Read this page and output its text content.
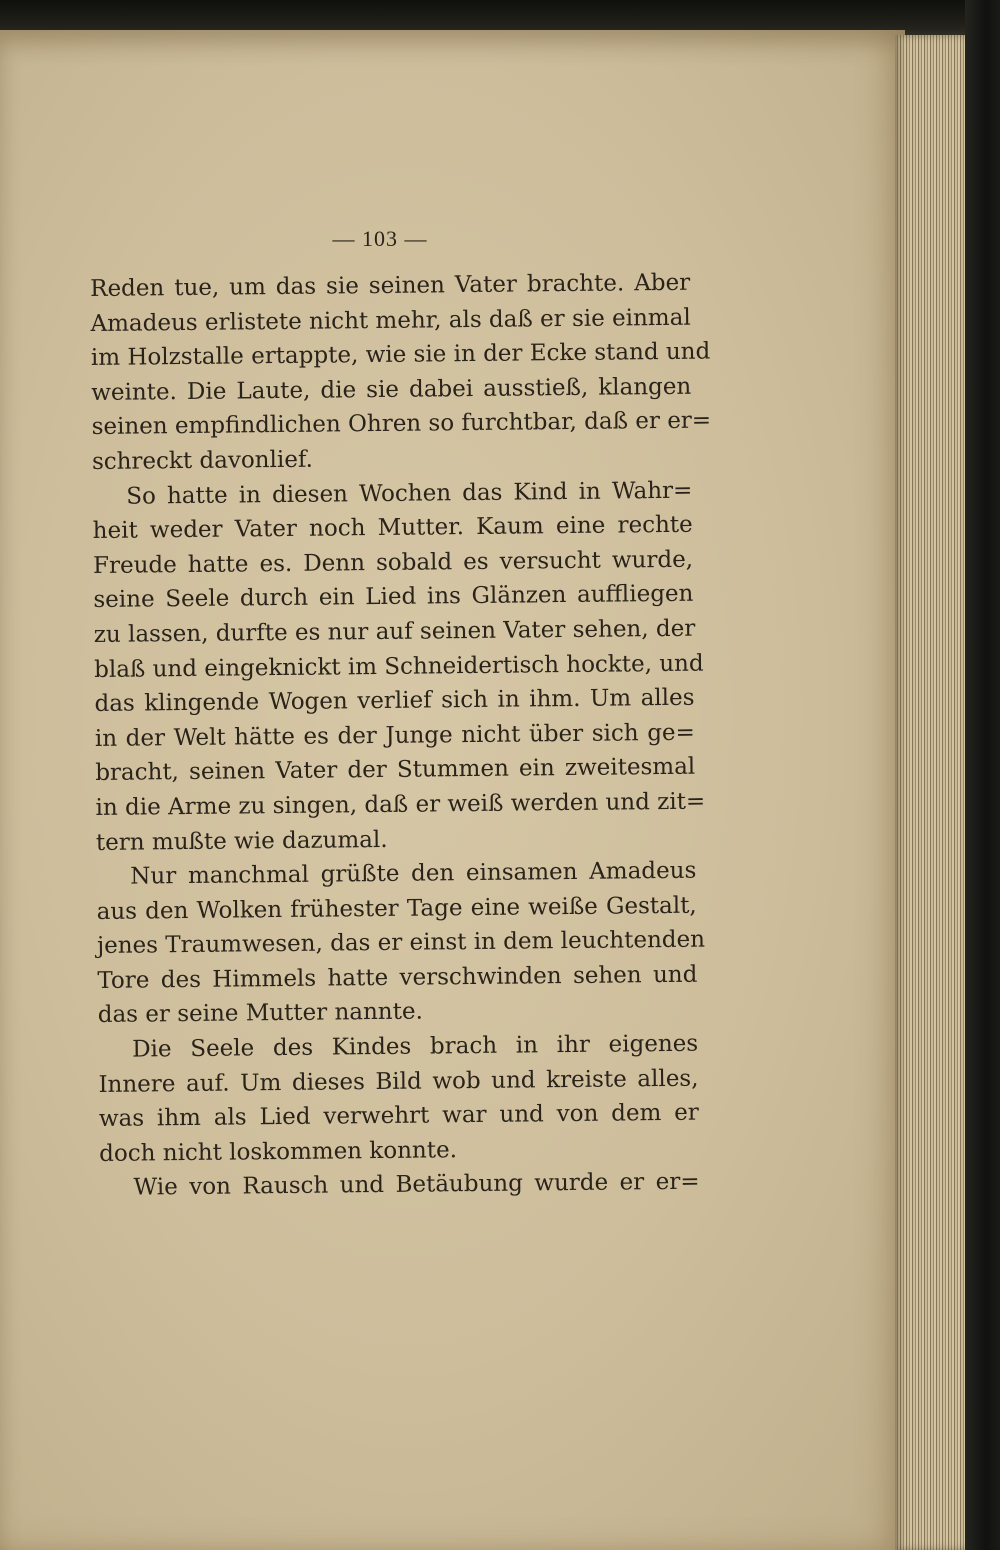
— 103 —
Reden tue, um das sie seinen Vater brachte. Aber
Amadeus erlistete nicht mehr, als daß er sie einmal
im Holzstalle ertappte, wie sie in der Ecke stand und
weinte. Die Laute, die sie dabei ausstieß, klangen
seinen empfindlichen Ohren so furchtbar, daß er er=
schreckt davonlief.
So hatte in diesen Wochen das Kind in Wahr=
heit weder Vater noch Mutter. Kaum eine rechte
Freude hatte es. Denn sobald es versucht wurde,
seine Seele durch ein Lied ins Glänzen auffliegen
zu lassen, durfte es nur auf seinen Vater sehen, der
blaß und eingeknickt im Schneidertisch hockte, und
das klingende Wogen verlief sich in ihm. Um alles
in der Welt hätte es der Junge nicht über sich ge=
bracht, seinen Vater der Stummen ein zweitesmal
in die Arme zu singen, daß er weiß werden und zit=
tern mußte wie dazumal.
Nur manchmal grüßte den einsamen Amadeus
aus den Wolken frühester Tage eine weiße Gestalt,
jenes Traumwesen, das er einst in dem leuchtenden
Tore des Himmels hatte verschwinden sehen und
das er seine Mutter nannte.
Die Seele des Kindes brach in ihr eigenes
Innere auf. Um dieses Bild wob und kreiste alles,
was ihm als Lied verwehrt war und von dem er
doch nicht loskommen konnte.
Wie von Rausch und Betäubung wurde er er=
